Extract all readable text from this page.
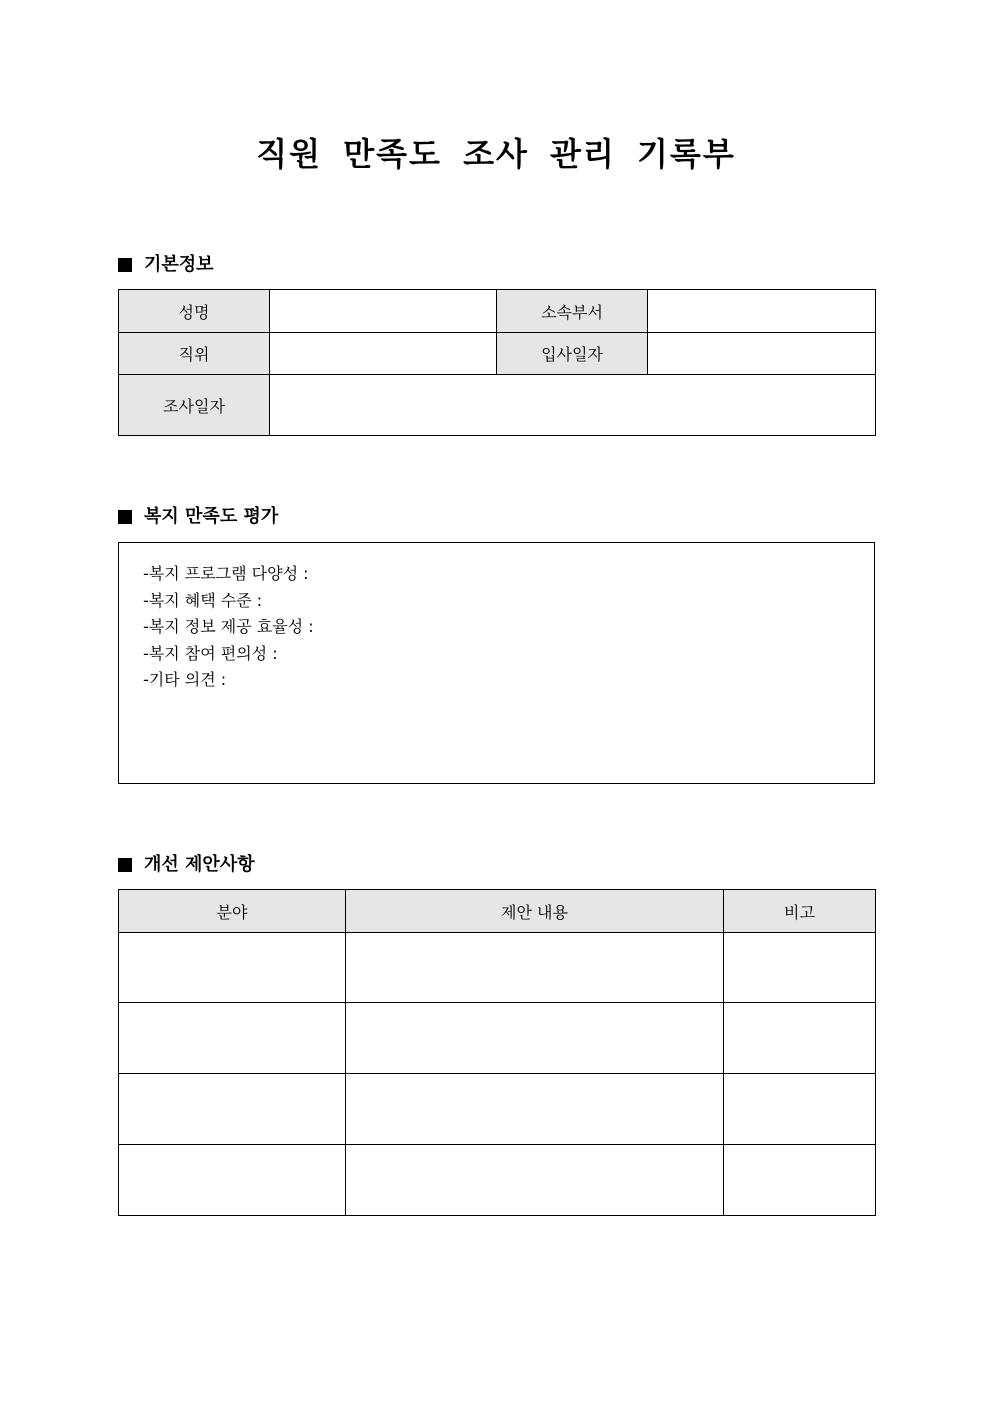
직원 만족도 조사 관리 기록부
기본정보
성명		소속부서	
직위		입사일자	
조사일자			
복지 만족도 평가
-복지 프로그램 다양성 :
-복지 혜택 수준 :
-복지 정보 제공 효율성 :
-복지 참여 편의성 :
-기타 의견 :
개선 제안사항
분야	제안 내용	비고
